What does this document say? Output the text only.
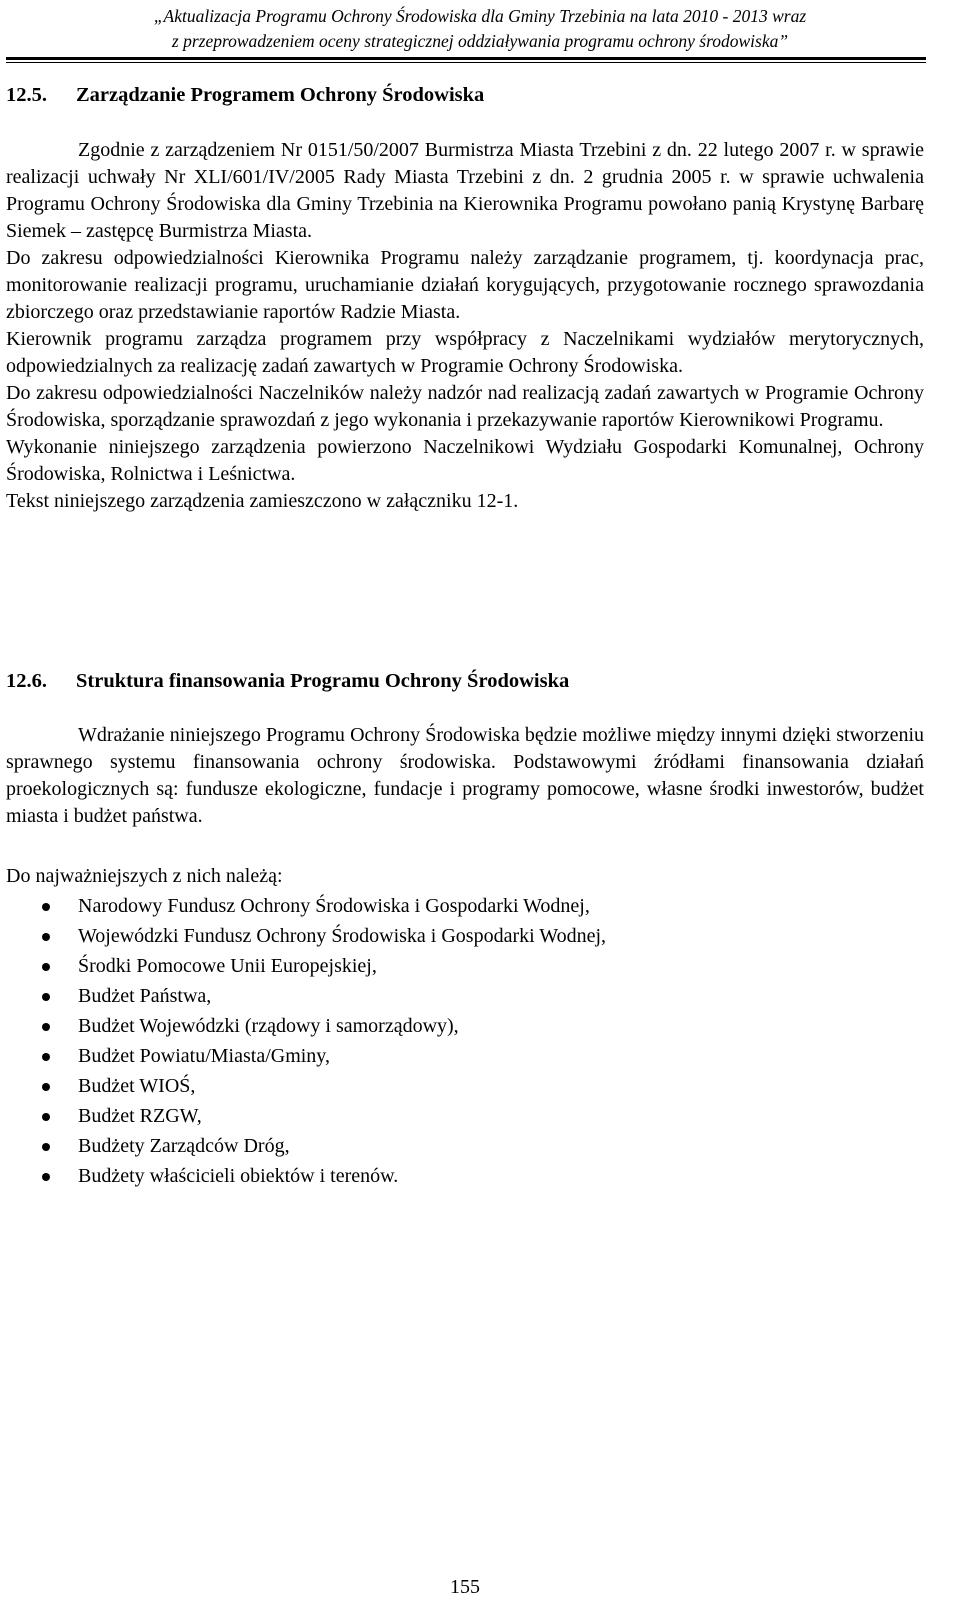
„Aktualizacja Programu Ochrony Środowiska dla Gminy Trzebinia na lata 2010 - 2013 wraz
z przeprowadzeniem oceny strategicznej oddziaływania programu ochrony środowiska”
12.5. Zarządzanie Programem Ochrony Środowiska

Zgodnie z zarządzeniem Nr 0151/50/2007 Burmistrza Miasta Trzebini z dn. 22 lutego 2007 r. w sprawie realizacji uchwały Nr XLI/601/IV/2005 Rady Miasta Trzebini z dn. 2 grudnia 2005 r. w sprawie uchwalenia Programu Ochrony Środowiska dla Gminy Trzebinia na Kierownika Programu powołano panią Krystynę Barbarę Siemek – zastępcę Burmistrza Miasta.

Do zakresu odpowiedzialności Kierownika Programu należy zarządzanie programem, tj. koordynacja prac, monitorowanie realizacji programu, uruchamianie działań korygujących, przygotowanie rocznego sprawozdania zbiorczego oraz przedstawianie raportów Radzie Miasta.

Kierownik programu zarządza programem przy współpracy z Naczelnikami wydziałów merytorycznych, odpowiedzialnych za realizację zadań zawartych w Programie Ochrony Środowiska.

Do zakresu odpowiedzialności Naczelników należy nadzór nad realizacją zadań zawartych w Programie Ochrony Środowiska, sporządzanie sprawozdań z jego wykonania i przekazywanie raportów Kierownikowi Programu.

Wykonanie niniejszego zarządzenia powierzono Naczelnikowi Wydziału Gospodarki Komunalnej, Ochrony Środowiska, Rolnictwa i Leśnictwa.

Tekst niniejszego zarządzenia zamieszczono w załączniku 12-1.

12.6. Struktura finansowania Programu Ochrony Środowiska

Wdrażanie niniejszego Programu Ochrony Środowiska będzie możliwe między innymi dzięki stworzeniu sprawnego systemu finansowania ochrony środowiska. Podstawowymi źródłami finansowania działań proekologicznych są: fundusze ekologiczne, fundacje i programy pomocowe, własne środki inwestorów, budżet miasta i budżet państwa.

Do najważniejszych z nich należą:
Narodowy Fundusz Ochrony Środowiska i Gospodarki Wodnej,
Wojewódzki Fundusz Ochrony Środowiska i Gospodarki Wodnej,
Środki Pomocowe Unii Europejskiej,
Budżet Państwa,
Budżet Wojewódzki (rządowy i samorządowy),
Budżet Powiatu/Miasta/Gminy,
Budżet WIOŚ,
Budżet RZGW,
Budżety Zarządców Dróg,
Budżety właścicieli obiektów i terenów.
155
